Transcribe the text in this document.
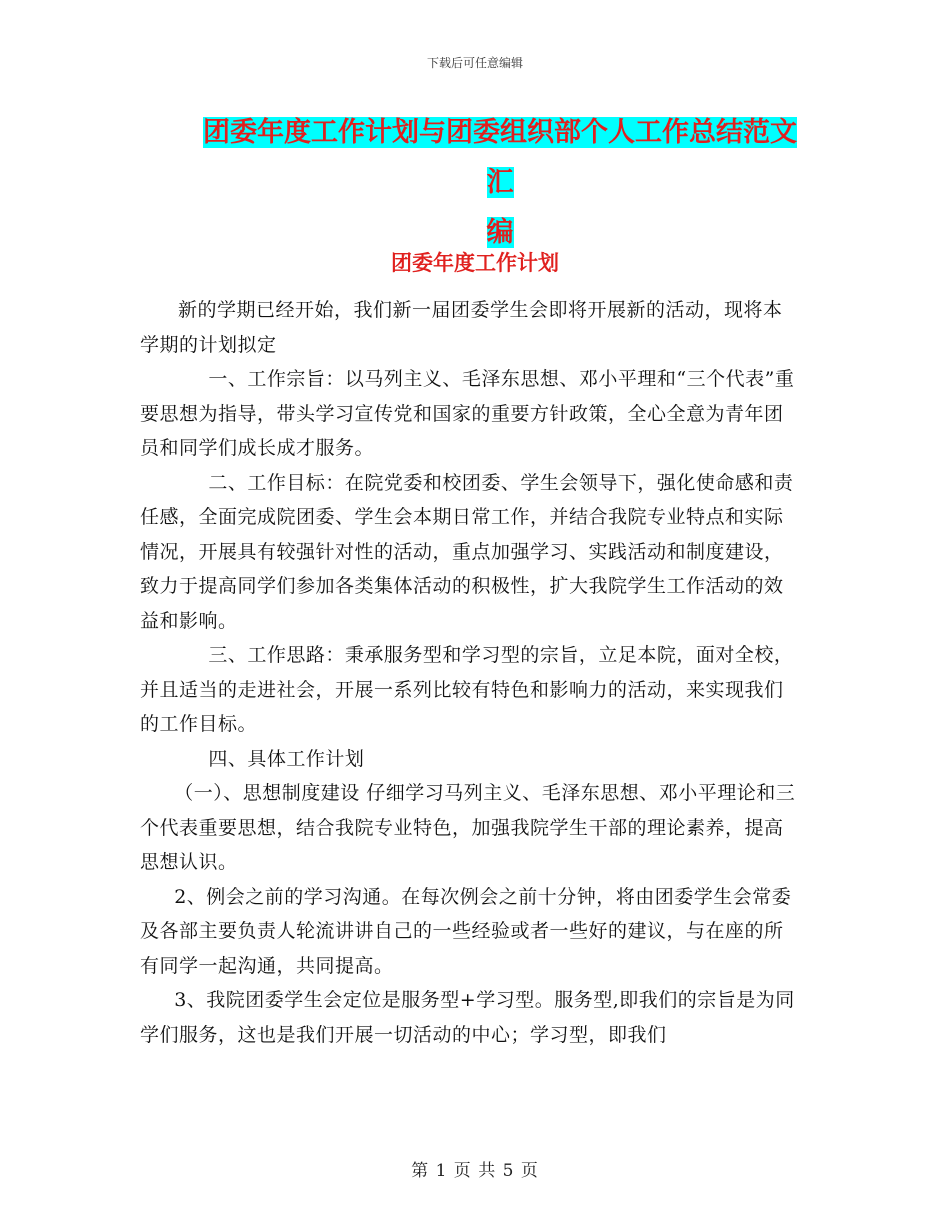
下载后可任意编辑
团委年度工作计划与团委组织部个人工作总结范文汇
编
团委年度工作计划

新的学期已经开始，我们新一届团委学生会即将开展新的活动，现将本学期的计划拟定

一、工作宗旨：以马列主义、毛泽东思想、邓小平理和“三个代表”重要思想为指导，带头学习宣传党和国家的重要方针政策，全心全意为青年团员和同学们成长成才服务。

二、工作目标：在院党委和校团委、学生会领导下，强化使命感和责任感，全面完成院团委、学生会本期日常工作，并结合我院专业特点和实际情况，开展具有较强针对性的活动，重点加强学习、实践活动和制度建设，致力于提高同学们参加各类集体活动的积极性，扩大我院学生工作活动的效益和影响。

三、工作思路：秉承服务型和学习型的宗旨，立足本院，面对全校，并且适当的走进社会，开展一系列比较有特色和影响力的活动，来实现我们的工作目标。

四、具体工作计划

（一）、思想制度建设 仔细学习马列主义、毛泽东思想、邓小平理论和三个代表重要思想，结合我院专业特色，加强我院学生干部的理论素养，提高思想认识。

2、例会之前的学习沟通。在每次例会之前十分钟，将由团委学生会常委及各部主要负责人轮流讲讲自己的一些经验或者一些好的建议，与在座的所有同学一起沟通，共同提高。

3、我院团委学生会定位是服务型+学习型。服务型,即我们的宗旨是为同学们服务，这也是我们开展一切活动的中心；学习型，即我们

第 1 页 共 5 页
